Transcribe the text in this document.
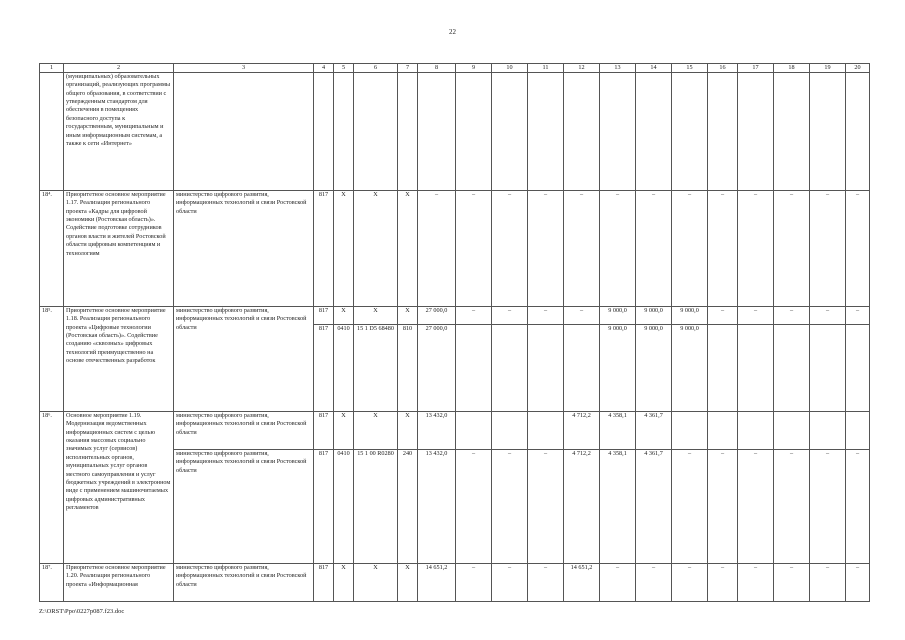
22
1	2	3	4	5	6	7	8	9	10	11	12	13	14	15	16	17	18	19	20
	(муниципальных) образовательных организаций, реализующих программы общего образования, в соответствии с утвержденным стандартом для обеспечения в помещениях безопасного доступа к государственным, муниципальным и иным информационным системам, а также к сети «Интернет»																		
18⁴.	Приоритетное основное мероприятие 1.17. Реализация регионального проекта «Кадры для цифровой экономики (Ростовская область)». Содействие подготовке сотрудников органов власти и жителей Ростовской области цифровым компетенциям и технологиям	министерство цифрового развития, информационных технологий и связи Ростовской области	817	X	X	X	–	–	–	–	–	–	–	–	–	–	–	–	–
18⁵.	Приоритетное основное мероприятие 1.18. Реализация регионального проекта «Цифровые технологии (Ростовская область)». Содействие созданию «сквозных» цифровых технологий преимущественно на основе отечественных разработок	министерство цифрового развития, информационных технологий и связи Ростовской области	817	X	X	X	27 000,0	–	–	–	–	9 000,0	9 000,0	9 000,0	–	–	–	–	–
			817	0410	15 1 D5 68480	810	27 000,0					9 000,0	9 000,0	9 000,0					
18⁶.	Основное мероприятие 1.19. Модернизация ведомственных информационных систем с целью оказания массовых социально значимых услуг (сервисов) исполнительных органов, муниципальных услуг органов местного самоуправления и услуг бюджетных учреждений в электронном виде с применением машиночитаемых цифровых административных регламентов	министерство цифрового развития, информационных технологий и связи Ростовской области	817	X	X	X	13 432,0				4 712,2	4 358,1	4 361,7						
		министерство цифрового развития, информационных технологий и связи Ростовской области	817	0410	15 1 00 R0280	240	13 432,0	–	–	–	4 712,2	4 358,1	4 361,7	–	–	–	–	–	–
18⁷.	Приоритетное основное мероприятие 1.20. Реализация регионального проекта «Информационная	министерство цифрового развития, информационных технологий и связи Ростовской области	817	X	X	X	14 651,2	–	–	–	14 651,2	–	–	–	–	–	–	–	–
Z:\ORST\Ppo\0227p087.f23.doc
